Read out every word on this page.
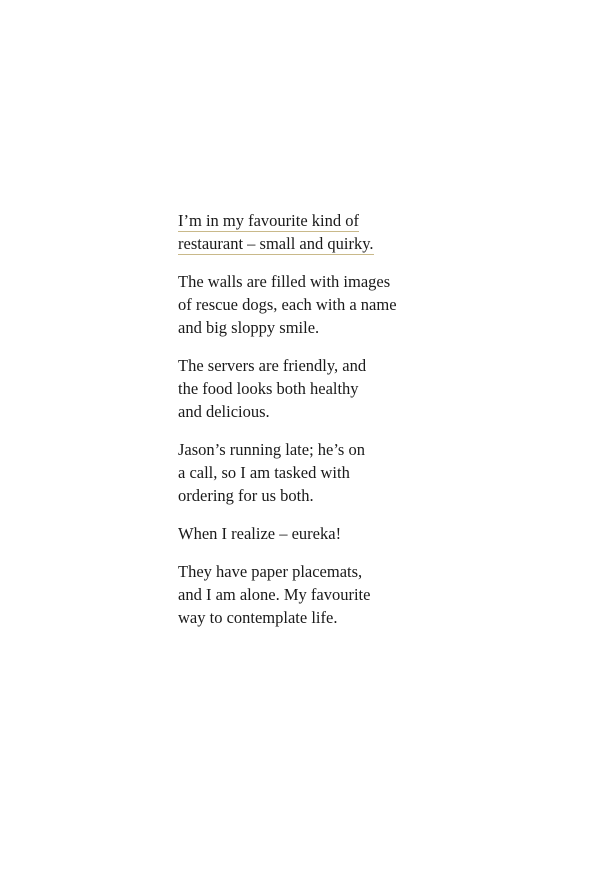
I’m in my favourite kind of
restaurant – small and quirky.

The walls are filled with images
of rescue dogs, each with a name
and big sloppy smile.

The servers are friendly, and
the food looks both healthy
and delicious.

Jason’s running late; he’s on
a call, so I am tasked with
ordering for us both.

When I realize – eureka!

They have paper placemats,
and I am alone. My favourite
way to contemplate life.
